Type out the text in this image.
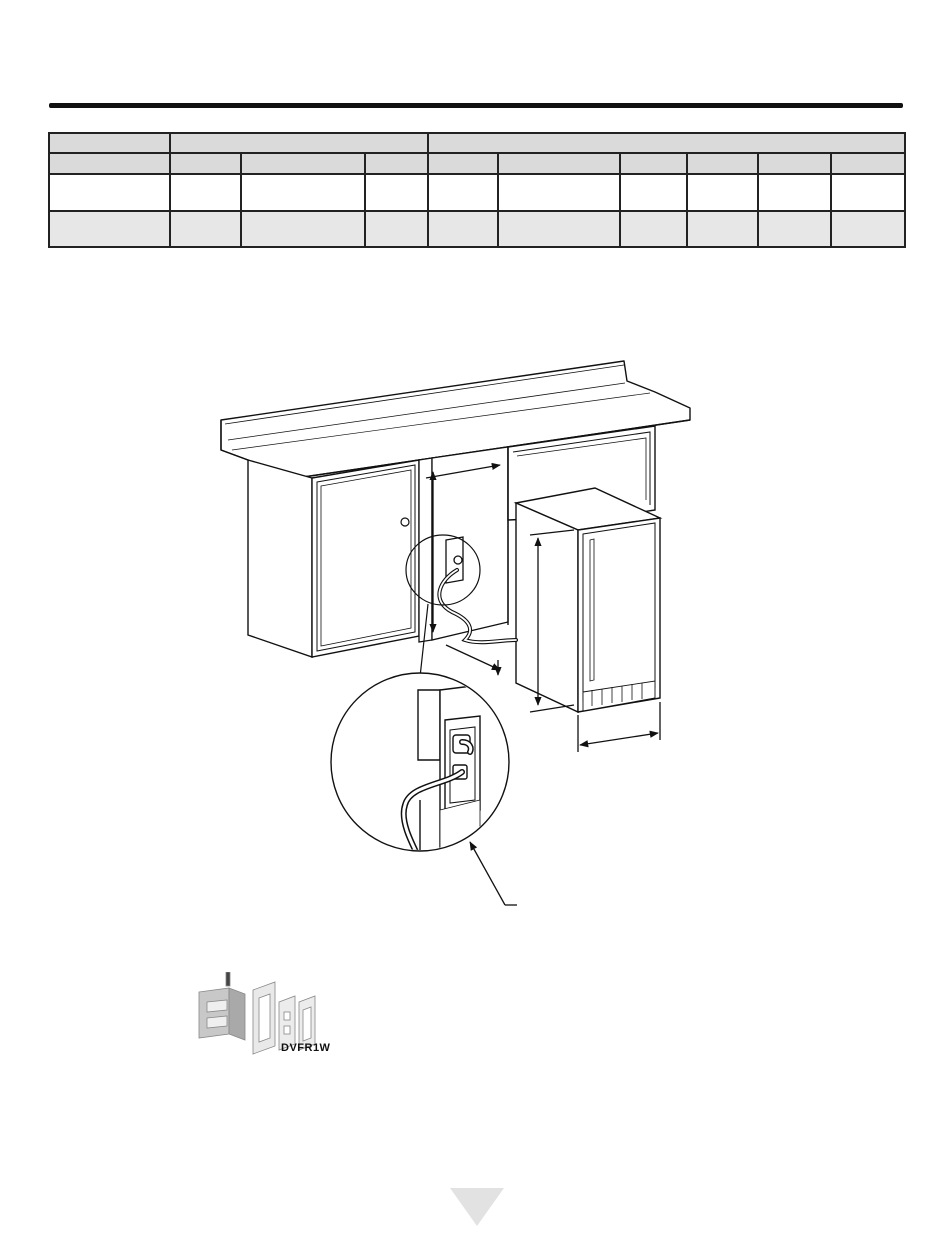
DVFR1W
